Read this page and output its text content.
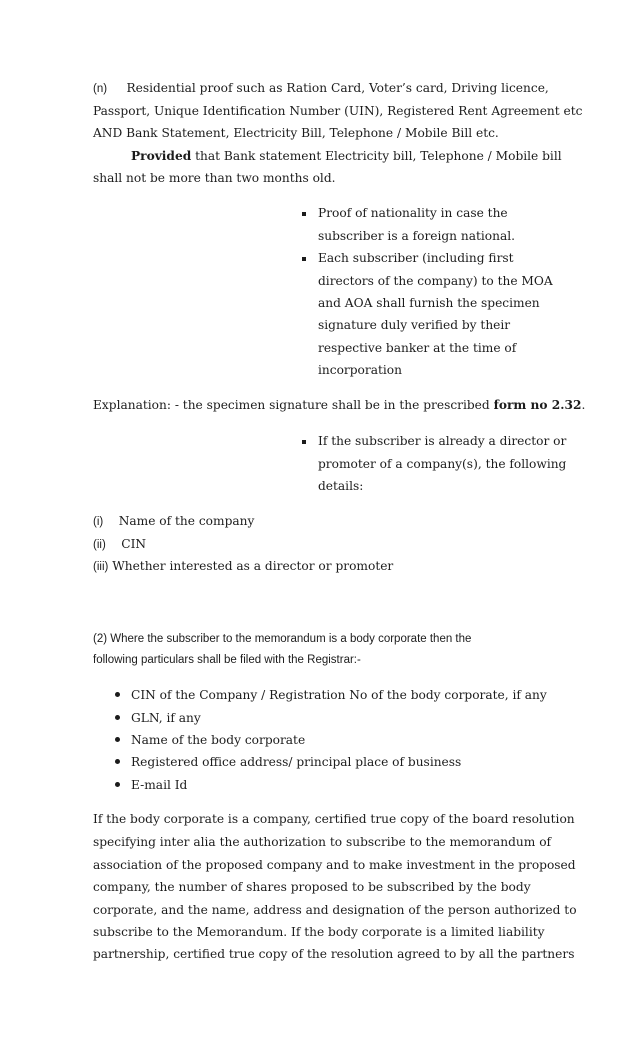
(n) Residential proof such as Ration Card, Voter’s card, Driving licence,

Passport, Unique Identification Number (UIN), Registered Rent Agreement etc

AND Bank Statement, Electricity Bill, Telephone / Mobile Bill etc.

Provided that Bank statement Electricity bill, Telephone / Mobile bill

shall not be more than two months old.

Proof of nationality in case the

subscriber is a foreign national.

Each subscriber (including first

directors of the company) to the MOA

and AOA shall furnish the specimen

signature duly verified by their

respective banker at the time of

incorporation

Explanation: - the specimen signature shall be in the prescribed form no 2.32.

If the subscriber is already a director or

promoter of a company(s), the following

details:

(i) Name of the company

(ii) CIN

(iii) Whether interested as a director or promoter

(2) Where the subscriber to the memorandum is a body corporate then the

following particulars shall be filed with the Registrar:-

CIN of the Company / Registration No of the body corporate, if any

GLN, if any

Name of the body corporate

Registered office address/ principal place of business

E-mail Id

If the body corporate is a company, certified true copy of the board resolution

specifying inter alia the authorization to subscribe to the memorandum of

association of the proposed company and to make investment in the proposed

company, the number of shares proposed to be subscribed by the body

corporate, and the name, address and designation of the person authorized to

subscribe to the Memorandum. If the body corporate is a limited liability

partnership, certified true copy of the resolution agreed to by all the partners
